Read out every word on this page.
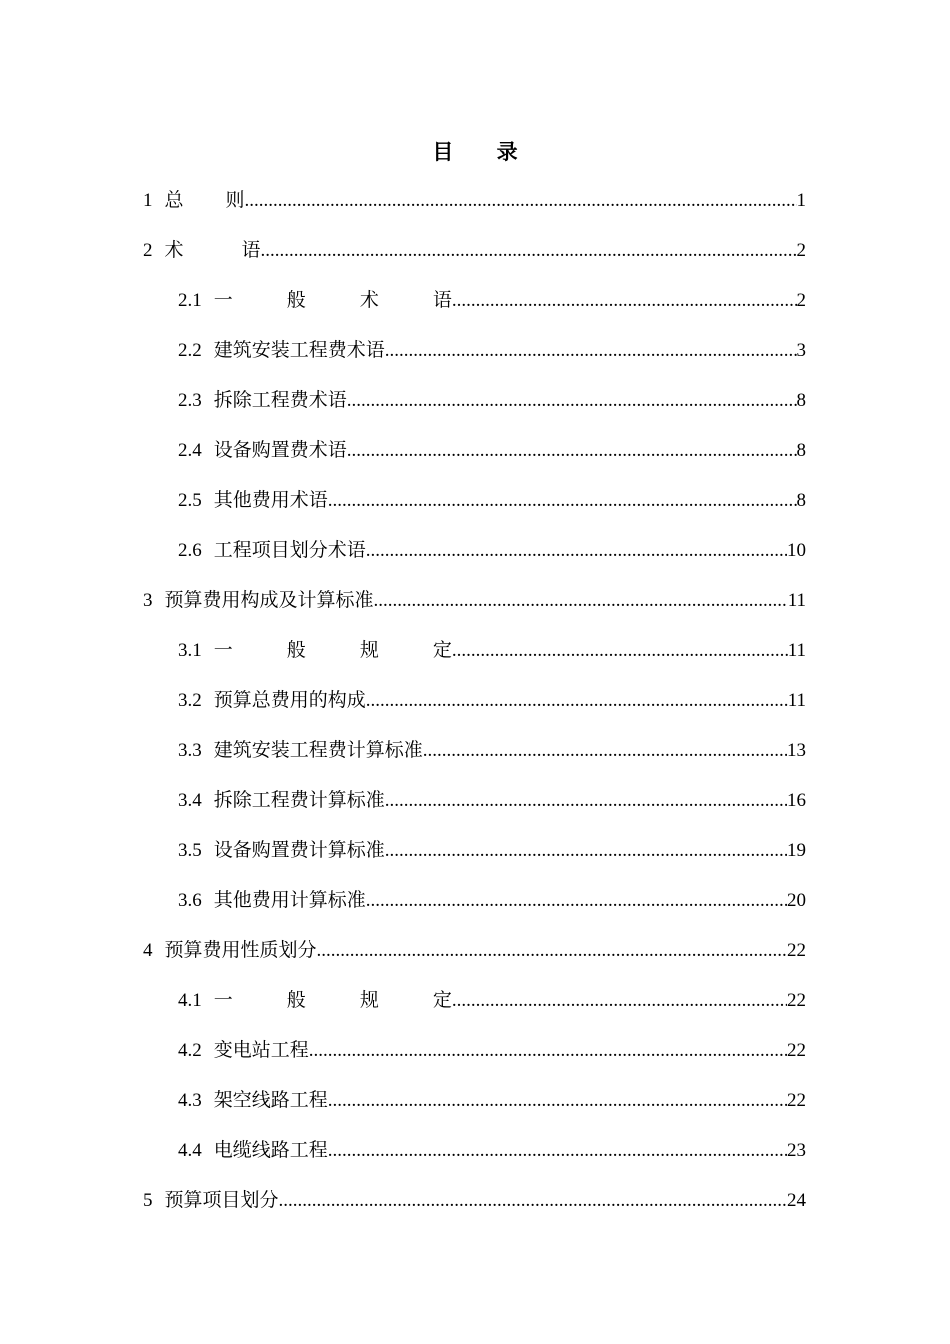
目 录
1 总 则 .....	1
2 术 语 .....	2
2.1 一 般 术 语 .....	2
2.2 建筑安装工程费术语 .....	3
2.3 拆除工程费术语 .....	8
2.4 设备购置费术语 .....	8
2.5 其他费用术语 .....	8
2.6 工程项目划分术语 .....	10
3 预算费用构成及计算标准 .....	11
3.1 一 般 规 定 .....	11
3.2 预算总费用的构成 .....	11
3.3 建筑安装工程费计算标准 .....	13
3.4 拆除工程费计算标准 .....	16
3.5 设备购置费计算标准 .....	19
3.6 其他费用计算标准 .....	20
4 预算费用性质划分 .....	22
4.1 一 般 规 定 .....	22
4.2 变电站工程 .....	22
4.3 架空线路工程 .....	22
4.4 电缆线路工程 .....	23
5 预算项目划分 .....	24
